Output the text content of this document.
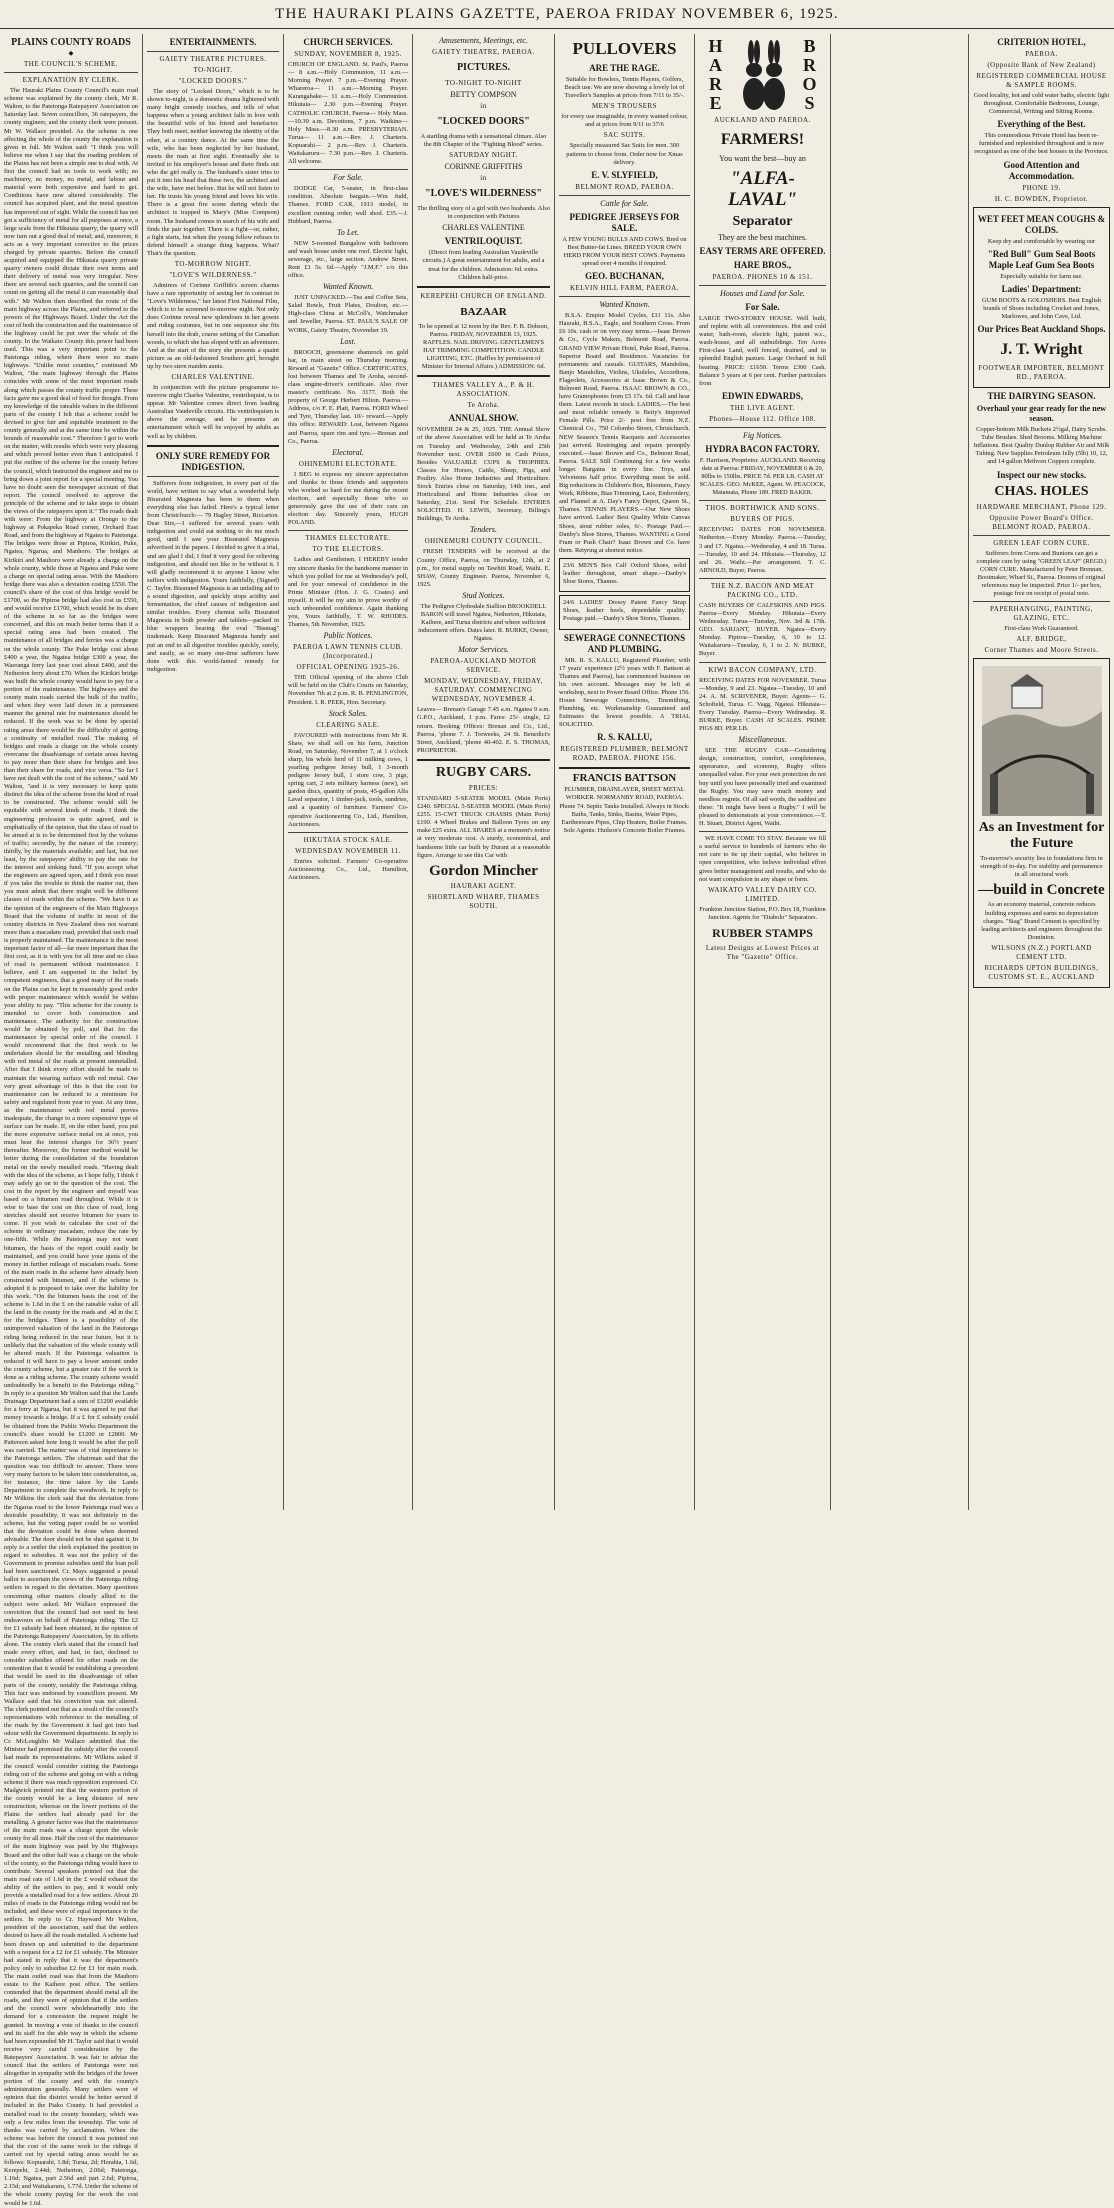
THE HAURAKI PLAINS GAZETTE, PAEROA FRIDAY NOVEMBER 6, 1925.
PLAINS COUNTY ROADS
◆
THE COUNCIL'S SCHEME.
EXPLANATION BY CLERK.

The Hauraki Plains County Council's main road scheme was explained by the county clerk, Mr R. Walton, to the Patetonga Ratepayers' Association on Saturday last. Seven councillors, 36 ratepayers, the county engineer, and the county clerk were present. Mr W. Wallace presided. As the scheme is one affecting the whole of the county the explanation is given in full. Mr Walton said: "I think you will believe me when I say that the roading problem of the Plains has not been a simple one to deal with. At first the council had no tools to work with; no machinery, no money, no metal, and labour and material were both expensive and hard to get. Conditions have now altered considerably. The council has acquired plant, and the metal question has improved out of sight. While the council has not got a sufficiency of metal for all purposes at once, a large scale from the Hikutaia quarry, the quarry will now turn out a good deal of metal; and, moreover, it acts as a very important corrective to the prices charged by private quarries. Before the council acquired and equipped the Hikutaia quarry private quarry owners could dictate their own terms and their delivery of metal was very irregular. Now there are several such quarries, and the council can count on getting all the metal it can reasonably deal with." Mr Walton then described the route of the main highway across the Plains, and referred to the powers of the Highways Board. Under the Act the cost of both the construction and the maintenance of the highway could be put over the whole of the county. In the Waikato County this power had been used. This was a very important point to the Patetonga riding, where there were no main highways. "Unlike most counties," continued Mr Walton, "the main highway through the Plains coincides with some of the most important roads along which passes the county traffic proper. These facts gave me a good deal of food for thought. From my knowledge of the rateable values in the different parts of the county I felt that a scheme could be devised to give fair and equitable treatment to the county generally and at the same time be within the bounds of reasonable cost." Therefore I got to work on the matter, with results which were very pleasing and which proved better even than I anticipated. I put the outline of the scheme for the county before the council, which instructed the engineer and me to bring down a joint report for a special meeting. You have no doubt seen the newspaper account of that report. The council resolved to approve the principle of the scheme and to take steps to obtain the views of the ratepayers upon it." The roads dealt with were: From the highway at Orongo to the highway at Pokapeka Road corner, Orchard East Road, and from the highway at Ngatea to Patetonga. The bridges were those at Pipiroa, Kirikiri, Puke, Ngatea, Ngarua, and Manhoro. The bridges at Kirikiri and Mauhoro were already a charge on the whole county, while those at Ngatea and Puke were a charge on special rating areas. With the Mauhoro bridge there was also a deviation costing £550. The council's share of the cost of this bridge would be £1700, so the Pipiroa bridge had also cost us £550, and would receive £1700, which would be its share of the scheme in so far as the bridges were concerned, and this on much better terms than if a special rating area had been created. The maintenance of all bridges and ferries was a charge on the whole county. The Puke bridge cost about £400 a year, the Ngatea bridge £300 a year, the Waeranga ferry last year cost about £400, and the Netherton ferry about £70. When the Kirikiri bridge was built the whole county would have to pay for a portion of the maintenance. The highways and the county main roads carried the bulk of the traffic, and when they were laid down in a permanent manner the general rate for maintenance should be reduced. If the work was to be done by special rating areas there would be the difficulty of getting a continuity of metalled road. The making of bridges and roads a charge on the whole county overcame the disadvantage of certain areas having to pay more than their share for bridges and less than their share for roads, and vice versa. "So far I have not dealt with the cost of the scheme," said Mr Walton, "and it is very necessary to keep quite distinct the idea of the scheme from the kind of road to be constructed. The scheme would still be equitable with several kinds of roads. I think the engineering profession is quite agreed, and is emphatically of the opinion, that the class of road to be aimed at is to be determined first by the volume of traffic; secondly, by the nature of the country; thirdly, by the materials available; and last, but not least, by the ratepayers' ability to pay the rate for the interest and sinking fund. "If you accept what the engineers are agreed upon, and I think you must if you take the trouble to think the matter out, then you must admit that there might well be different classes of roads within the scheme. "We have it as the opinion of the engineers of the Main Highways Board that the volume of traffic in most of the country districts in New Zealand does not warrant more than a macadam road, provided that such road is properly maintained. The maintenance is the most important factor of all—far more important than the first cost, as it is with you for all time and no class of road is permanent without maintenance. I believe, and I am supported in the belief by competent engineers, that a good many of the roads on the Plains can be kept in reasonably good order with proper maintenance which would be within your ability to pay. "This scheme for the county is intended to cover both construction and maintenance. The authority for the construction would be obtained by poll, and that for the maintenance by special order of the council. I would recommend that the first work to be undertaken should be the metalling and blinding with red metal of the roads at present unmetalled. After that I think every effort should be made to maintain the wearing surface with red metal. One very great advantage of this is that the cost for maintenance can be reduced to a minimum for safety and regulated from year to year. At any time, as the maintenance with red metal proves inadequate, the change to a more expensive type of surface can be made. If, on the other hand, you put the more expensive surface metal on at once, you must bear the interest charges for 36½ years' thereafter. Moreover, the former method would be better during the consolidation of the foundation metal on the newly metalled roads. "Having dealt with the idea of the scheme, as I hope fully, I think I may safely go on to the question of the cost. The cost in the report by the engineer and myself was based on a bitumen road throughout. While it is wise to base the cost on this class of road, long stretches should not receive bitumen for years to come. If you wish to calculate the cost of the scheme in ordinary macadam, reduce the rate by one-fifth. While the Patetonga may not want bitumen, the basis of the report could easily be maintained, and you could have your quota of the money in further mileage of macadam roads. Some of the main roads in the scheme have already been constructed with bitumen, and if the scheme is adopted it is proposed to take over the liability for this work. "On the bitumen basis the cost of the scheme is 1.6d in the £ on the rateable value of all the land in the county for the roads and .4d in the £ for the bridges. There is a possibility of the unimproved valuation of the land in the Patetonga riding being reduced in the near future, but it is unlikely that the valuation of the whole county will be altered much. If the Patetonga valuation is reduced it will have to pay a lower amount under the county scheme, but a greater rate if the work is done as a riding scheme. The county scheme would undoubtedly be a benefit to the Patetonga riding." In reply to a question Mr Walton said that the Lands Drainage Department had a sum of £1200 available for a ferry at Ngarua, but it was agreed to put that money towards a bridge. If a £ for £ subsidy could be obtained from the Public Works Department the council's share would be £1200 or £2800. Mr Patterson asked how long it would be after the poll was carried. The matter was of vital importance to the Patetonga settlers. The chairman said that the question was too difficult to answer. There were very many factors to be taken into consideration, as, for instance, the time taken by the Lands Department to complete the woodwork. In reply to Mr Wilkins the clerk said that the deviation from the Ngarua road to the lower Patetonga road was a desirable possibility. It was not definitely in the scheme, but the voting paper could be so worded that the deviation could be done when deemed advisable. The door should not be shut against it. In reply to a settler the clerk explained the position in regard to subsidies. It was not the policy of the Government to promise subsidies until the loan poll had been sanctioned. Cr. Mays suggested a postal ballot to ascertain the views of the Patetonga riding settlers in regard to the deviation. Many questions concerning other matters closely allied to the subject were asked. Mr Wallace expressed the conviction that the council had not used its best endeavours on behalf of Patetonga riding. The £2 for £1 subsidy had been obtained, in the opinion of the Patetonga Ratepayers' Association, by its efforts alone. The county clerk stated that the council had made every effort, and had, in fact, declined to consider subsidies offered for other roads on the contention that it would be establishing a precedent that would be used to the disadvantage of other parts of the county, notably the Patetonga riding. This fact was endorsed by councillors present. Mr Wallace said that his conviction was not altered. The clerk pointed out that as a result of the council's representations with reference to the metalling of the roads by the Government it had got into bad odour with the Government departments. In reply to Cr. McLoughlin Mr Wallace admitted that the Minister had promised the subsidy after the council had made its representations. Mr Wilkins asked if the council would consider cutting the Patetonga riding out of the scheme and going on with a riding scheme if there was much opposition expressed. Cr. Madgwick pointed out that the western portion of the county would be a long distance of new construction, whereas on the lower portions of the Plains the settlers had already paid for the metalling. A greater factor was that the maintenance of the main roads was a charge upon the whole county for all time. Half the cost of the maintenance of the main highway was paid by the Highways Board and the other half was a charge on the whole of the county, so the Patetonga riding would have to contribute. Several speakers pointed out that the main road rate of 1.6d in the £ would exhaust the ability of the settlers to pay, and it would only provide a metalled road for a few settlers. About 20 miles of roads in the Patetonga riding would not be included, and these were of equal importance to the settlers. In reply to Cr. Hayward Mr Walton, president of the association, said that the settlers desired to have all the roads metalled. A scheme had been drawn up and submitted to the department with a request for a £2 for £1 subsidy. The Minister had stated in reply that it was the department's policy only to subsidise £2 for £1 for main roads. The main outlet road was that from the Mauhoro estate to the Kaihere post office. The settlers contended that the department should metal all the roads, and they were of opinion that if the settlers and the council were wholeheartedly into the demand for a concession the request might be granted. In moving a vote of thanks to the council and its staff for the able way in which the scheme had been expounded Mr H. Taylor said that it would receive very careful consideration by the Ratepayers' Association. It was fair to advise the council that the settlers of Patetonga were not altogether in sympathy with the bridges of the lower portion of the county and with the county's administration generally. Many settlers were of opinion that the district would be better served if included in the Piako County. It had provided a metalled road to the county boundary, which was only a few miles from the township. The vote of thanks was carried by acclamation. When the scheme was before the council it was pointed out that the cost of the same work to the ridings if carried out by special rating areas would be as follows: Kopuarahi, 1.8d; Turua, 2d; Horahia, 1.6d; Kerepehi, 2.44d; Netherton, 2.06d; Patetonga, 1.16d; Ngatea, part 2.56d and part 2.6d; Pipiroa, 2.15d; and Waitakaruru, 1.77d. Under the scheme of the whole county paying for the work the cost would be 1.6d.

ENTERTAINMENTS.
GAIETY THEATRE PICTURES.
TO-NIGHT.
"LOCKED DOORS."

The story of "Locked Doors," which is to be shown to-night, is a domestic drama lightened with many bright comedy touches, and tells of what happens when a young architect falls in love with the beautiful wife of his friend and benefactor. They both meet, neither knowing the identity of the other, at a country dance. At the same time the wife, who has been neglected by her husband, meets the man at first sight. Eventually she is invited to his employer's house and there finds out who the girl really is. The husband's sister tries to put it into his head that these two, the architect and the wife, have met before. But he will not listen to her. He trusts his young friend and loves his wife. There is a great fire scene during which the architect is trapped in Mary's (Miss Compson) room. The husband comes in search of his wife and finds the pair together. There is a fight—or, rather, a fight starts, but when the young fellow refuses to defend himself a strange thing happens. What? That's the question.

TO-MORROW NIGHT.
"LOVE'S WILDERNESS."

Admirers of Corinne Griffith's screen charms have a rare opportunity of seeing her in contrast in "Love's Wilderness," her latest First National Film, which is to be screened to-morrow night. Not only does Corinne reveal new splendours in her gowns and riding costumes, but in one sequence she fits herself into the drab, coarse setting of the Canadian woods, to which she has eloped with an adventurer. And at the start of the story she presents a quaint picture as an old-fashioned Southern girl, brought up by two stern maiden aunts.

CHARLES VALENTINE.

In conjunction with the picture programme to-morrow night Charles Valentine, ventriloquist, is to appear. Mr Valentine comes direct from leading Australian Vaudeville circuits. His ventriloquism is above the average, and he presents an entertainment which will be enjoyed by adults as well as by children.

ONLY SURE REMEDY FOR INDIGESTION.

Sufferers from indigestion, in every part of the world, have written to say what a wonderful help Bisurated Magnesia has been to them when everything else has failed. Here's a typical letter from Christchurch:— 79 Hagley Street, Riccarton. Dear Sirs,—I suffered for several years with indigestion and could eat nothing to do me much good, until I saw your Bisurated Magnesia advertised in the papers. I decided to give it a trial, and am glad I did; I find it very good for relieving indigestion, and should not like to be without it. I will gladly recommend it to anyone I know who suffers with indigestion. Yours faithfully, (Signed) C. Taylor. Bisurated Magnesia is an unfailing aid to a sound digestion, and quickly stops acidity and fermentation, the chief causes of indigestion and similar troubles. Every chemist sells Bisurated Magnesia in both powder and tablets—packed in blue wrappers bearing the oval "Bismag" trademark. Keep Bisurated Magnesia handy and put an end to all digestive troubles quickly, surely, and easily, as so many one-time sufferers have done with this world-famed remedy for indigestion.

CHURCH SERVICES.
SUNDAY, NOVEMBER 8, 1925.

CHURCH OF ENGLAND. St. Paul's, Paeroa— 8 a.m.—Holy Communion, 11 a.m.—Morning Prayer. 7 p.m.—Evening Prayer. Whareroa— 11 a.m.—Morning Prayer. Karangahake— 11 a.m.—Holy Communion. Hikutaia— 2.30 p.m.—Evening Prayer. CATHOLIC CHURCH. Paeroa— Holy Mass.—10.30 a.m. Devotions, 7 p.m. Waikino— Holy Mass.—8.30 a.m. PRESBYTERIAN. Turua— 11 a.m.—Rev. J. Charteris. Kopuarahi— 2 p.m.—Rev. J. Charteris. Waitakaruru— 7.30 p.m.—Rev. J. Charteris. All welcome.

For Sale.

DODGE Car, 5-seater, in first-class condition. Absolute bargain.—Wm Judd, Thames. FORD CAR, 1913 model, in excellent running order; well shod. £35.—J. Hubbard, Paeroa.

To Let.

NEW 5-roomed Bungalow with bathroom and wash house under one roof. Electric light, sewerage, etc., large section. Andrew Street. Rent £1 5s. 6d.—Apply "J.M.F." c/o this office.

Wanted Known.

JUST UNPACKED.—Tea and Coffee Sets, Salad Bowls, Fruit Plates, Doulton, etc.—High-class China at McColl's, Watchmaker and Jeweller, Paeroa. ST. PAUL'S SALE OF WORK, Gaiety Theatre, November 19.

Lost.

BROOCH, greenstone shamrock on gold bar, in main street on Thursday morning. Reward at "Gazette" Office. CERTIFICATES, lost between Thames and Te Aroha, second-class engine-driver's certificate. Also river master's certificate. No. 3177. Both the property of George Herbert Hilton. Paeroa.—Address, c/o F. E. Platt, Paeroa. FORD Wheel and Tyre, Thursday last. 10/- reward.—Apply this office. REWARD: Lost, between Ngatea and Paeroa, spare rim and tyre.—Brenan and Co., Paeroa.

Electoral.
OHINEMURI ELECTORATE.

I BEG to express my sincere appreciation and thanks to those friends and supporters who worked so hard for me during the recent election, and especially those who so generously gave the use of their cars on election day. Sincerely yours, HUGH POLAND.

THAMES ELECTORATE.
TO THE ELECTORS.

Ladies and Gentlemen, I HEREBY tender my sincere thanks for the handsome manner in which you polled for me at Wednesday's poll, and for your renewal of confidence in the Prime Minister (Hon. J. G. Coates) and myself. It will be my aim to prove worthy of such unbounded confidence. Again thanking you, Yours faithfully, T. W. RHODES. Thames, 5th November, 1925.

Public Notices.
PAEROA LAWN TENNIS CLUB. (Incorporated.)
OFFICIAL OPENING 1925-26.

THE Official opening of the above Club will be held on the Club's Courts on Saturday, November 7th at 2 p.m. R. B. PENLINGTON, President. I. R. PEEK, Hon. Secretary.

Stock Sales.
CLEARING SALE.

FAVOURED with instructions from Mr R. Shaw, we shall sell on his farm, Junction Road, on Saturday, November 7, at 1 o'clock sharp, his whole herd of 11 milking cows, 1 yearling pedigree Jersey bull, 1 3-month pedigree Jersey bull, 1 store cow, 3 pigs, spring cart, 2 sets military harness (new), set garden discs, quantity of posts, 45-gallon Alfa Laval separator, 1 timber-jack, tools, sundries, and a quantity of furniture. Farmers' Co-operative Auctioneering Co., Ltd., Hamilton, Auctioneers.

HIKUTAIA STOCK SALE.
WEDNESDAY NOVEMBER 11.

Entries solicited. Farmers' Co-operative Auctioneering Co., Ltd., Hamilton, Auctioneers.

Amusements, Meetings, etc.
GAIETY THEATRE, PAEROA.
PICTURES.
TO-NIGHT TO-NIGHT
BETTY COMPSON
in
"LOCKED DOORS"

A startling drama with a sensational climax. Also the 8th Chapter of the "Fighting Blood" series.

SATURDAY NIGHT.
CORINNE GRIFFITHS
in
"LOVE'S WILDERNESS"

The thrilling story of a girl with two husbands. Also in conjunction with Pictures

CHARLES VALENTINE
VENTRILOQUIST.

(Direct from leading Australian Vaudeville circuits.) A great entertainment for adults, and a treat for the children. Admission: 6d. extra. Children half-price.

KEREPEHI CHURCH OF ENGLAND.
BAZAAR

To be opened at 12 noon by the Rev. F. B. Dobson, Paeroa. FRIDAY, NOVEMBER 13, 1925. RAFFLES. NAIL DRIVING. GENTLEMEN'S HAT TRIMMING COMPETITION. CANDLE LIGHTING, ETC. (Raffles by permission of Minister for Internal Affairs.) ADMISSION: 6d.

THAMES VALLEY A., P. & H. ASSOCIATION.
Te Aroha.
ANNUAL SHOW.

NOVEMBER 24 & 25, 1925. THE Annual Show of the above Association will be held at Te Aroha on Tuesday and Wednesday, 24th and 25th November next. OVER £600 in Cash Prizes, Besides VALUABLE CUPS & TROPHIES. Classes for Horses, Cattle, Sheep, Pigs, and Poultry. Also Home Industries and Horticulture. Stock Entries close on Saturday, 14th inst., and Horticultural and Home Industries close on Saturday, 21st. Send For Schedule. ENTRIES SOLICITED. H. LEWIS, Secretary, Billing's Buildings, Te Aroha.

Tenders.
OHINEMURI COUNTY COUNCIL.

FRESH TENDERS will be received at the County Office, Paeroa, on Thursday, 12th, at 2 p.m., for metal supply on Tawhiti Road, Waihi. E. SHAW, County Engineer. Paeroa, November 6, 1925.

Stud Notices.

The Pedigree Clydesdale Stallion BROOKDELL BARON will travel Ngatea, Netherton, Hikutaia, Kaihere, and Turua districts and where sufficient inducement offers. Dates later. R. BURKE, Owner, Ngatea.

Motor Services.
PAEROA-AUCKLAND MOTOR SERVICE.
MONDAY, WEDNESDAY, FRIDAY, SATURDAY. COMMENCING WEDNESDAY, NOVEMBER 4.

Leaves— Brenan's Garage 7.45 a.m. Ngatea 9 a.m. G.P.O., Auckland, 1 p.m. Fares: 25/- single, £2 return. Booking Offices: Brenan and Co., Ltd., Paeroa, 'phone 7. J. Treweeks, 24 St. Benedict's Street, Auckland, 'phone 40-402. E. S. THOMAS, PROPRIETOR.

RUGBY CARS.
PRICES:

STANDARD 5-SEATER MODEL (Main Ports) £240. SPECIAL 5-SEATER MODEL (Main Ports) £255. 15-CWT TRUCK CHASSIS (Main Ports) £190. 4 Wheel Brakes and Balloon Tyres on any make £25 extra. ALL SPARES at a moment's notice at very moderate cost. A sturdy, economical, and handsome little car built by Durant at a reasonable figure. Arrange to see this Car with

Gordon Mincher
HAURAKI AGENT.
SHORTLAND WHARF, THAMES SOUTH.
PULLOVERS
ARE THE RAGE.

Suitable for Bowlers, Tennis Players, Golfers, Beach use. We are now showing a lovely lot of Traveller's Samples at prices from 7/11 to 35/-.

MEN'S TROUSERS

for every use imaginable, in every wanted colour, and at prices from 9/11 to 37/6

SAC SUITS.

Specially measured Sac Suits for men. 300 patterns to choose from. Order now for Xmas delivery.

E. V. SLYFIELD,
BELMONT ROAD, PAEROA.
Cattle for Sale.
PEDIGREE JERSEYS FOR SALE.

A FEW YOUNG BULLS AND COWS. Bred on Best Butter-fat Lines. BREED YOUR OWN HERD FROM YOUR BEST COWS. Payments spread over 4 months if required.

GEO. BUCHANAN,
KELVIN HILL FARM, PAEROA.
Wanted Known.

B.S.A. Empire Model Cycles, £11 11s. Also Hauraki, B.S.A., Eagle, and Southern Cross. From £6 10s. cash or on very easy terms.—Isaac Brown & Co., Cycle Makers, Belmont Road, Paeroa. GRAND VIEW Private Hotel, Puke Road, Paeroa. Superior Board and Residence. Vacancies for permanents and casuals. GUITARS, Mandolins, Banjo Mandolins, Violins, Ukuleles, Accordions, Flageolets, Accessories at Isaac Brown & Co., Belmont Road, Paeroa. ISAAC BROWN & CO., have Gramophones from £5 17s. 6d. Call and hear them. Latest records in stock. LADIES.—The best and most reliable remedy is Betty's Improved Female Pills. Price 2/- post free from N.Z. Chemical Co., 750 Colombo Street, Christchurch. NEW Season's Tennis Racquets and Accessories just arrived. Restringing and repairs promptly executed.—Isaac Brown and Co., Belmont Road, Paeroa. SALE Still Continuing for a few weeks longer. Bargains in every line. Toys, and Velveteens half price. Everything must be sold. Big reductions in Children's Box, Bloomers, Fancy Work, Ribbons, Bias Trimming, Lace, Embroidery, and Flannel at A. Day's Fancy Depot, Queen St., Thames. TENNIS PLAYERS.—Our New Shoes have arrived. Ladies' Best Quality White Canvas Shoes, stout rubber soles, 6/-. Postage Paid.—Danby's Shoe Stores, Thames. WANTING a Good Fram or Push Chair? Isaac Brown and Co. have them. Retyring at shortest notice.

23/6 MEN'S Box Calf Oxford Shoes, solid leather throughout, smart shape.—Danby's Shoe Stores, Thames.

24/6 LADIES' Dressy Patent Fancy Strap Shoes, leather heels, dependable quality. Postage paid.—Danby's Shoe Stores, Thames.

SEWERAGE CONNECTIONS AND PLUMBING.

MR. R. S. KALLU, Registered Plumber, with 17 years' experience (2½ years with F. Battson at Thames and Paeroa), has commenced business on his own account. Messages may be left at workshop, next to Power Board Office. Phone 156. House Sewerage Connections, Tinsmithing, Plumbing, etc. Workmanship Guaranteed and Estimates the lowest possible. A TRIAL SOLICITED.

R. S. KALLU,
REGISTERED PLUMBER, BELMONT ROAD, PAEROA. PHONE 156.
FRANCIS BATTSON

PLUMBER, DRAINLAYER, SHEET METAL WORKER. NORMANBY ROAD, PAEROA. Phone 74. Septic Tanks Installed. Always in Stock: Baths, Tanks, Sinks, Basins, Water Pipes, Earthenware Pipes, Chip Heaters, Boiler Frames. Sole Agents: Hudson's Concrete Boiler Frames.

HARE
BROS
AUCKLAND AND PAEROA.
FARMERS!
You want the best—buy an
"ALFA-LAVAL"
Separator
They are the best machines.
EASY TERMS ARE OFFERED.
HARE BROS.,
PAEROA. PHONES 10 & 151.
Houses and Land for Sale.
For Sale.

LARGE TWO-STOREY HOUSE. Well built, and replete with all conveniences. Hot and cold water, bath-room, electric light, patent w.c., wash-house, and all outbuildings. Ten Acres First-class Land, well fenced, drained, and in splendid English pasture. Large Orchard in full bearing. PRICE: £1650. Terms £300 Cash. Balance 5 years at 6 per cent. Further particulars from

EDWIN EDWARDS,
THE LIVE AGENT.
Phones—House 112. Office 108.
Fig Notices.
HYDRA BACON FACTORY.

F. Harrison, Proprietor. AUCKLAND. Receiving date at Paeroa: FRIDAY, NOVEMBER 6 & 20, 80lbs to 150lbs. PRICE 7d. PER LB. CASH AT SCALES. GEO. McKEE, Agent. W. PEACOCK, Matamata, Phone 189. FRED BAKER.

THOS. BORTHWICK AND SONS.
BUYERS OF PIGS.

RECEIVING DATES FOR NOVEMBER. Netherton.—Every Monday. Paeroa.—Tuesday, 3 and 17. Ngatea.—Wednesday, 4 and 18. Turua.—Tuesday, 10 and 24. Hikutaia.—Thursday, 12 and 26. Waihi.—Per arrangement. T. C. ARNOLD, Buyer, Paeroa.

THE N.Z. BACON AND MEAT PACKING CO., LTD.

CASH BUYERS OF CALFSKINS AND PIGS. Paeroa—Every Monday. Hikutaia—Every Wednesday. Turua—Tuesday, Nov. 3rd & 17th. GEO. SARJANT, BUYER. Ngatea—Every Monday. Pipiroa—Tuesday, 6, 10 to 12. Waitakaruru—Tuesday, 6, 1 to 2. N. BURKE, Buyer.

KIWI BACON COMPANY, LTD.

RECEIVING DATES FOR NOVEMBER. Turua—Monday, 9 and 23. Ngatea—Tuesday, 10 and 24. A. M. SCRIVENER, Buyer. Agents— G. Schofield, Turua. C. Vagg, Ngatea. Hikutaia—Every Tuesday. Paeroa—Every Wednesday. R. BURKE, Buyer. CASH AT SCALES. PRIME PIGS 8D. PER LB.

Miscellaneous.

SEE THE RUGBY CAR—Considering design, construction, comfort, completeness, appearance, and economy, Rugby offers unequalled value. For your own protection do not buy until you have personally tried and examined the Rugby. You may save much money and needless regrets. Of all sad words, the saddest are these: "It might have been a Rugby." I will be pleased to demonstrate at your convenience.—T. H. Stuart, District Agent, Waihi.

WE HAVE COME TO STAY. Because we fill a useful service to hundreds of farmers who do not care to tie up their capital, who believe in open competition, who believe individual effort gives better management and results, and who do not want compulsion in any shape or form.

WAIKATO VALLEY DAIRY CO. LIMITED.

Frankton Junction Station, P.O. Box 18, Frankton Junction. Agents for "Diabolo" Separators.

RUBBER STAMPS
Latest Designs at Lowest Prices at The "Gazette" Office.
CRITERION HOTEL,
PAEROA.
(Opposite Bank of New Zealand)
REGISTERED COMMERCIAL HOUSE & SAMPLE ROOMS.

Good locality, hot and cold water baths, electric light throughout. Comfortable Bedrooms, Lounge, Commercial, Writing and Sitting Rooms.

Everything of the Best.

This commodious Private Hotel has been re-furnished and replenished throughout and is now recognised as one of the best houses in the Province.

Good Attention and Accommodation.
PHONE 19.
H. C. BOWDEN, Proprietor.
WET FEET MEAN COUGHS & COLDS.

Keep dry and comfortable by wearing our

"Red Bull" Gum Seal Boots Maple Leaf Gum Sea Boots

Especially suitable for farm use.

Ladies' Department:

GUM BOOTS & GOLOSHERS. Best English brands of Shoes including Crocket and Jones, Marlowes, and John Cave, Ltd.

Our Prices Beat Auckland Shops.
J. T. Wright
FOOTWEAR IMPORTER, BELMONT RD., PAEROA.
THE DAIRYING SEASON.
Overhaul your gear ready for the new season.

Copper-bottom Milk Buckets 2½gal, Dairy Scrubs. Tube Brushes. Shed Brooms. Milking Machine Inflations. Best Quality Dunlop Rubber Air and Milk Tubing. New Supplies Petroleum Jelly (5lb) 10, 12, and 14 gallon Methven Coppers complete.

Inspect our new stocks.
CHAS. HOLES
HARDWARE MERCHANT, Phone 129.
Opposite Power Board's Office. BELMONT ROAD, PAEROA.
GREEN LEAF CORN CURE.

Sufferers from Corns and Bunions can get a complete cure by using "GREEN LEAF" (REGD.) CORN CURE. Manufactured by Peter Brennan, Bootmaker, Wharf St., Paeroa. Dozens of original references may be inspected. Price 1/- per box, postage free on receipt of postal note.

PAPERHANGING, PAINTING, GLAZING, ETC.

First-class Work Guaranteed.

ALF. BRIDGE,
Corner Thames and Moore Streets.
As an Investment for the Future

To-morrow's security lies in foundations firm in strength of to-day. For stability and permanence in all structural work

—build in Concrete

As an economy material, concrete reduces building expenses and earns no depreciation charges. "Stag" Brand Cement is specified by leading architects and engineers throughout the Dominion.

WILSONS (N.Z.) PORTLAND CEMENT LTD.
RICHARDS UPTON BUILDINGS, CUSTOMS ST. E., AUCKLAND
